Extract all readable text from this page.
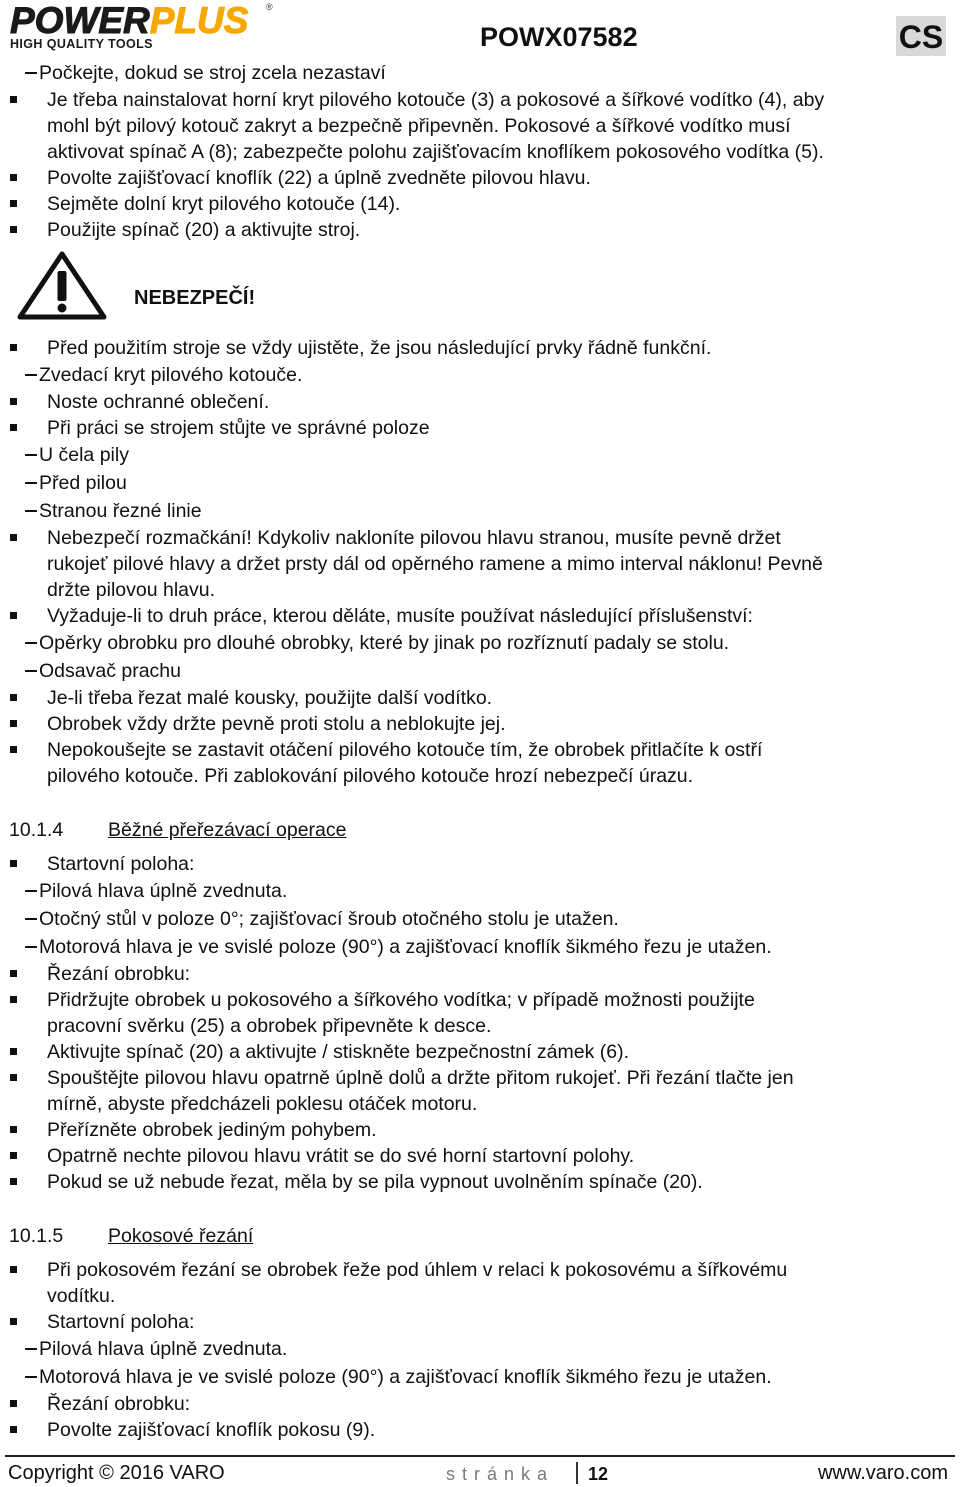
POWERPLUS
HIGH QUALITY TOOLS
®
POWX07582	CS
Počkejte, dokud se stroj zcela nezastaví
Je třeba nainstalovat horní kryt pilového kotouče (3) a pokosové a šířkové vodítko (4), aby
mohl být pilový kotouč zakryt a bezpečně připevněn. Pokosové a šířkové vodítko musí
aktivovat spínač A (8); zabezpečte polohu zajišťovacím knoflíkem pokosového vodítka (5).
Povolte zajišťovací knoflík (22) a úplně zvedněte pilovou hlavu.
Sejměte dolní kryt pilového kotouče (14).
Použijte spínač (20) a aktivujte stroj.
NEBEZPEČÍ!
Před použitím stroje se vždy ujistěte, že jsou následující prvky řádně funkční.
Zvedací kryt pilového kotouče.
Noste ochranné oblečení.
Při práci se strojem stůjte ve správné poloze
U čela pily
Před pilou
Stranou řezné linie
Nebezpečí rozmačkání! Kdykoliv nakloníte pilovou hlavu stranou, musíte pevně držet
rukojeť pilové hlavy a držet prsty dál od opěrného ramene a mimo interval náklonu! Pevně
držte pilovou hlavu.
Vyžaduje-li to druh práce, kterou děláte, musíte používat následující příslušenství:
Opěrky obrobku pro dlouhé obrobky, které by jinak po rozříznutí padaly se stolu.
Odsavač prachu
Je-li třeba řezat malé kousky, použijte další vodítko.
Obrobek vždy držte pevně proti stolu a neblokujte jej.
Nepokoušejte se zastavit otáčení pilového kotouče tím, že obrobek přitlačíte k ostří
pilového kotouče. Při zablokování pilového kotouče hrozí nebezpečí úrazu.
10.1.4 Běžné přeřezávací operace
Startovní poloha:
Pilová hlava úplně zvednuta.
Otočný stůl v poloze 0°; zajišťovací šroub otočného stolu je utažen.
Motorová hlava je ve svislé poloze (90°) a zajišťovací knoflík šikmého řezu je utažen.
Řezání obrobku:
Přidržujte obrobek u pokosového a šířkového vodítka; v případě možnosti použijte
pracovní svěrku (25) a obrobek připevněte k desce.
Aktivujte spínač (20) a aktivujte / stiskněte bezpečnostní zámek (6).
Spouštějte pilovou hlavu opatrně úplně dolů a držte přitom rukojeť. Při řezání tlačte jen
mírně, abyste předcházeli poklesu otáček motoru.
Přeřízněte obrobek jediným pohybem.
Opatrně nechte pilovou hlavu vrátit se do své horní startovní polohy.
Pokud se už nebude řezat, měla by se pila vypnout uvolněním spínače (20).
10.1.5 Pokosové řezání
Při pokosovém řezání se obrobek řeže pod úhlem v relaci k pokosovému a šířkovému
vodítku.
Startovní poloha:
Pilová hlava úplně zvednuta.
Motorová hlava je ve svislé poloze (90°) a zajišťovací knoflík šikmého řezu je utažen.
Řezání obrobku:
Povolte zajišťovací knoflík pokosu (9).
Copyright © 2016 VARO	stránka 12	www.varo.com
